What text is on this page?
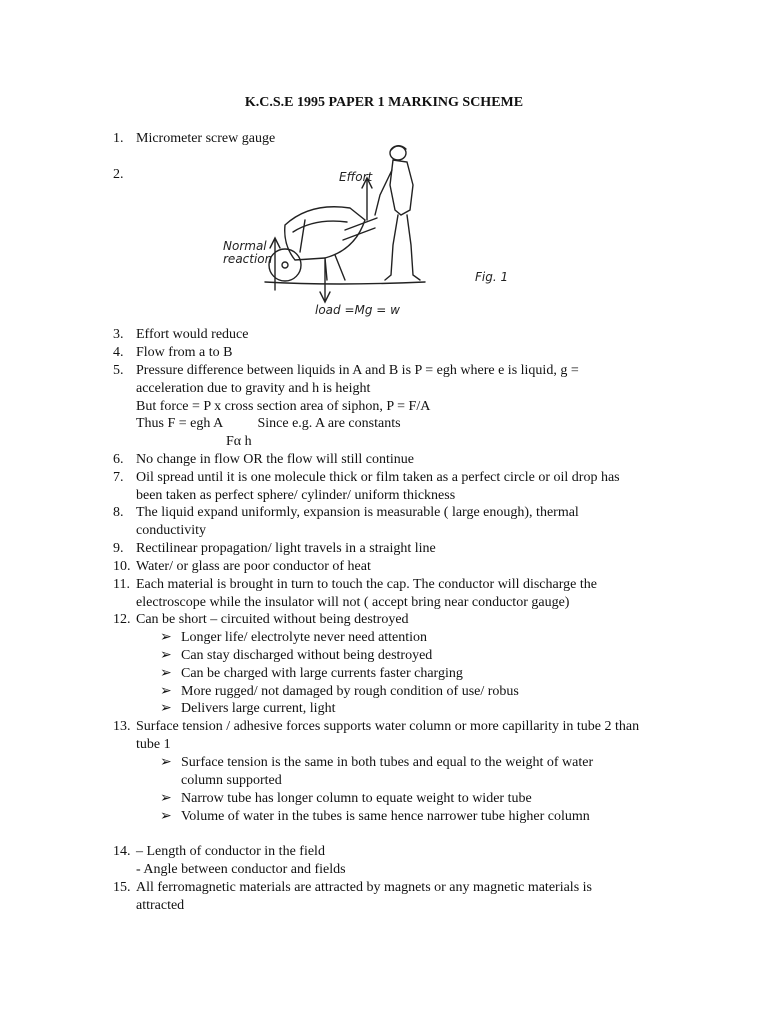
K.C.S.E 1995 PAPER 1 MARKING SCHEME
1. Micrometer screw gauge
2.	Effort
Normal reaction
load =Mg = w
Fig. 1
3. Effort would reduce
4. Flow from a to B
5. Pressure difference between liquids in A and B is P = egh where e is liquid, g =
acceleration due to gravity and h is height
But force = P x cross section area of siphon, P = F/A
Thus F = egh A          Since e.g. A are constants
Fα h
6. No change in flow OR the flow will still continue
7. Oil spread until it is one molecule thick or film taken as a perfect circle or oil drop has
been taken as perfect sphere/ cylinder/ uniform thickness
8. The liquid expand uniformly, expansion is measurable ( large enough), thermal
conductivity
9. Rectilinear propagation/ light travels in a straight line
10. Water/ or glass are poor conductor of heat
11. Each material is brought in turn to touch the cap. The conductor will discharge the
electroscope while the insulator will not ( accept bring near conductor gauge)
12. Can be short – circuited without being destroyed
➢ Longer life/ electrolyte never need attention
➢ Can stay discharged without being destroyed
➢ Can be charged with large currents faster charging
➢ More rugged/ not damaged by rough condition of use/ robus
➢ Delivers large current, light
13. Surface tension / adhesive forces supports water column or more capillarity in tube 2 than
tube 1
➢ Surface tension is the same in both tubes and equal to the weight of water
column supported
➢ Narrow tube has longer column to equate weight to wider tube
➢ Volume of water in the tubes is same hence narrower tube higher column
14. – Length of conductor in the field
- Angle between conductor and fields
15. All ferromagnetic materials are attracted by magnets or any magnetic materials is
attracted
